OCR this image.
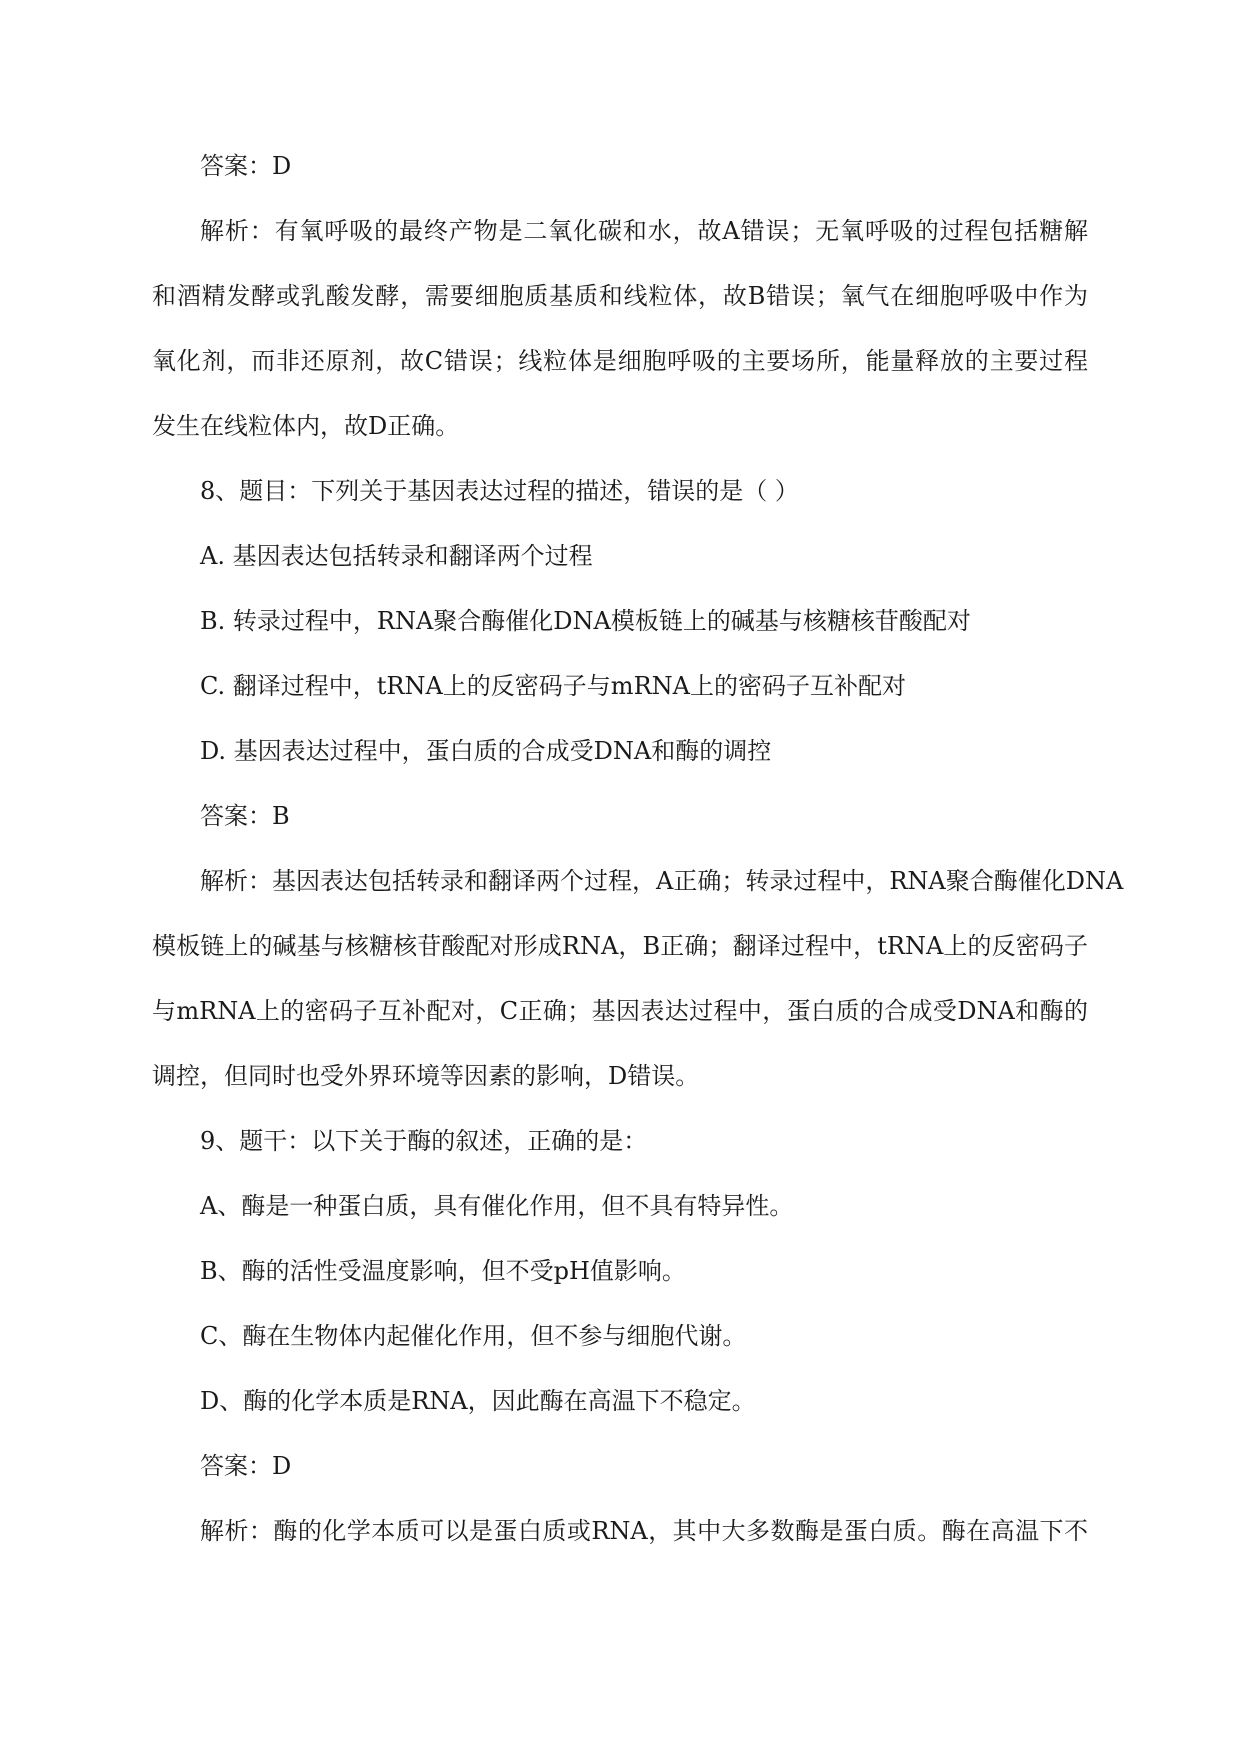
答案：D
解析：有氧呼吸的最终产物是二氧化碳和水，故A错误；无氧呼吸的过程包括糖解
和酒精发酵或乳酸发酵，需要细胞质基质和线粒体，故B错误；氧气在细胞呼吸中作为
氧化剂，而非还原剂，故C错误；线粒体是细胞呼吸的主要场所，能量释放的主要过程
发生在线粒体内，故D正确。
8、题目：下列关于基因表达过程的描述，错误的是（ ）
A. 基因表达包括转录和翻译两个过程
B. 转录过程中，RNA聚合酶催化DNA模板链上的碱基与核糖核苷酸配对
C. 翻译过程中，tRNA上的反密码子与mRNA上的密码子互补配对
D. 基因表达过程中，蛋白质的合成受DNA和酶的调控
答案：B
解析：基因表达包括转录和翻译两个过程，A正确；转录过程中，RNA聚合酶催化DNA
模板链上的碱基与核糖核苷酸配对形成RNA，B正确；翻译过程中，tRNA上的反密码子
与mRNA上的密码子互补配对，C正确；基因表达过程中，蛋白质的合成受DNA和酶的
调控，但同时也受外界环境等因素的影响，D错误。
9、题干：以下关于酶的叙述，正确的是：
A、酶是一种蛋白质，具有催化作用，但不具有特异性。
B、酶的活性受温度影响，但不受pH值影响。
C、酶在生物体内起催化作用，但不参与细胞代谢。
D、酶的化学本质是RNA，因此酶在高温下不稳定。
答案：D
解析：酶的化学本质可以是蛋白质或RNA，其中大多数酶是蛋白质。酶在高温下不
